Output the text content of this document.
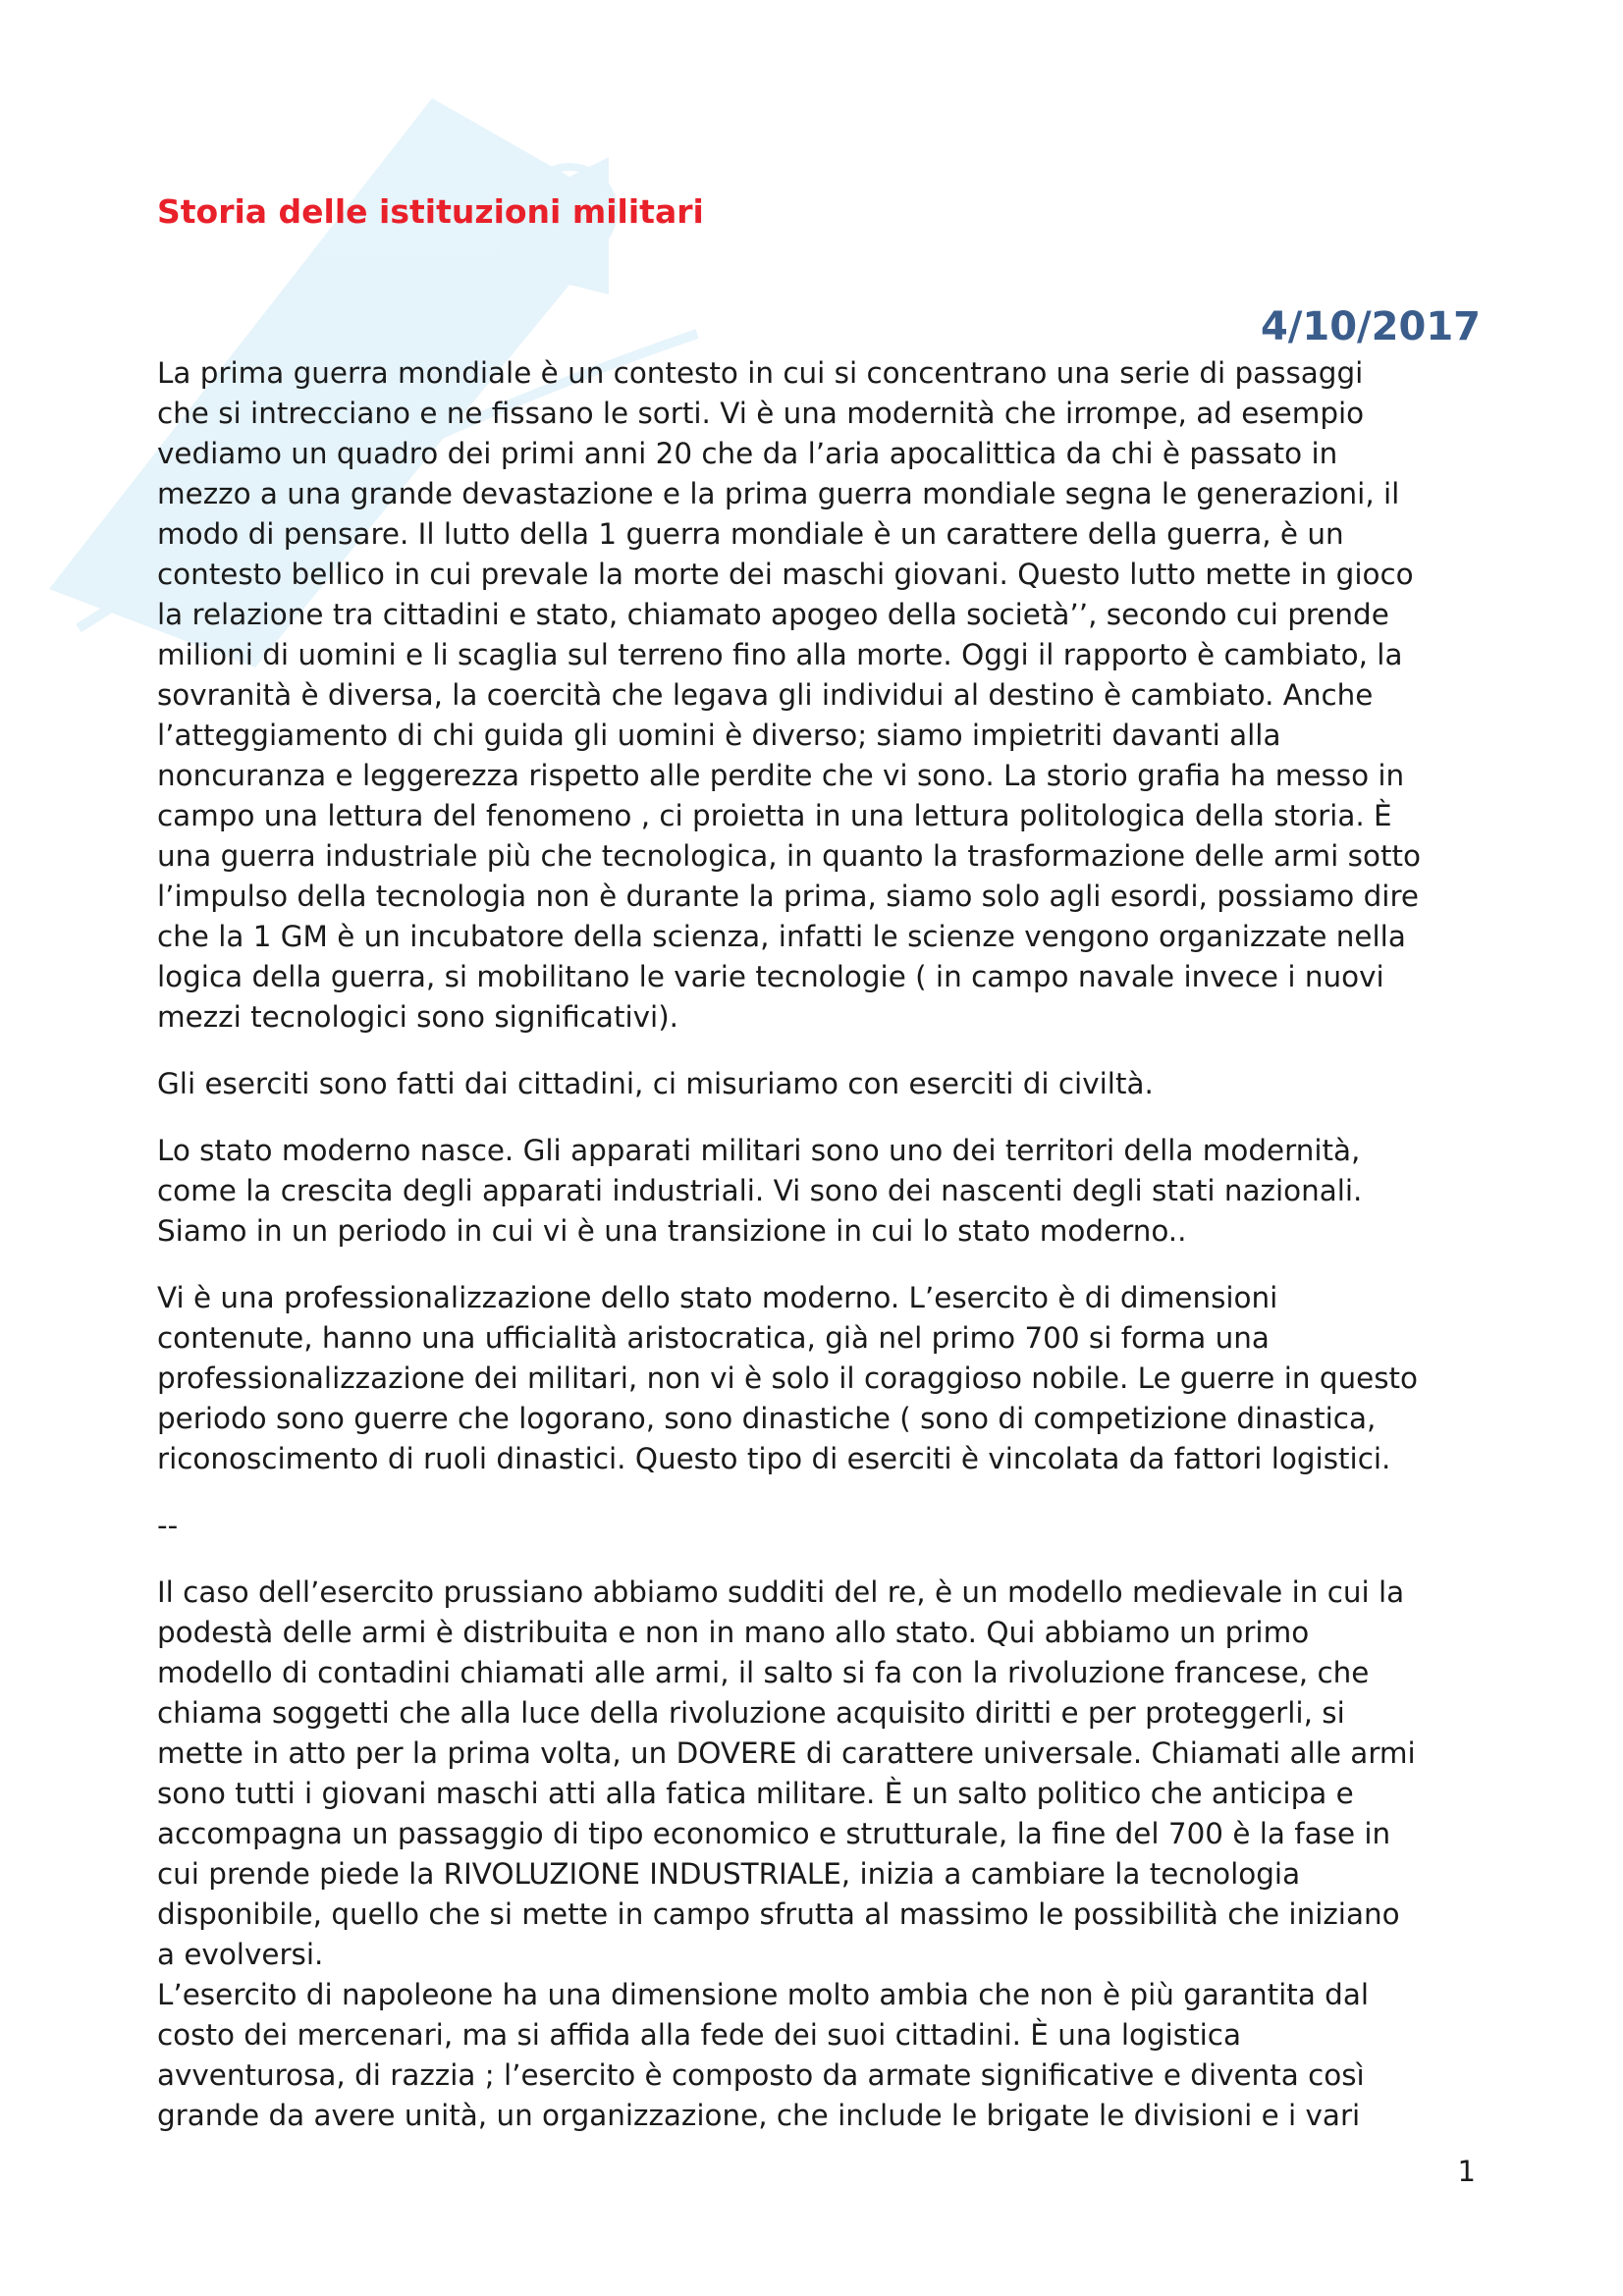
Storia delle istituzioni militari
4/10/2017

La prima guerra mondiale è un contesto in cui si concentrano una serie di passaggi
che si intrecciano e ne fissano le sorti. Vi è una modernità che irrompe, ad esempio
vediamo un quadro dei primi anni 20 che da l’aria apocalittica da chi è passato in
mezzo a una grande devastazione e la prima guerra mondiale segna le generazioni, il
modo di pensare. Il lutto della 1 guerra mondiale è un carattere della guerra, è un
contesto bellico in cui prevale la morte dei maschi giovani. Questo lutto mette in gioco
la relazione tra cittadini e stato, chiamato apogeo della società’’, secondo cui prende
milioni di uomini e li scaglia sul terreno fino alla morte. Oggi il rapporto è cambiato, la
sovranità è diversa, la coercità che legava gli individui al destino è cambiato. Anche
l’atteggiamento di chi guida gli uomini è diverso; siamo impietriti davanti alla
noncuranza e leggerezza rispetto alle perdite che vi sono. La storio grafia ha messo in
campo una lettura del fenomeno , ci proietta in una lettura politologica della storia. È
una guerra industriale più che tecnologica, in quanto la trasformazione delle armi sotto
l’impulso della tecnologia non è durante la prima, siamo solo agli esordi, possiamo dire
che la 1 GM è un incubatore della scienza, infatti le scienze vengono organizzate nella
logica della guerra, si mobilitano le varie tecnologie ( in campo navale invece i nuovi
mezzi tecnologici sono significativi).

Gli eserciti sono fatti dai cittadini, ci misuriamo con eserciti di civiltà.

Lo stato moderno nasce. Gli apparati militari sono uno dei territori della modernità,
come la crescita degli apparati industriali. Vi sono dei nascenti degli stati nazionali.
Siamo in un periodo in cui vi è una transizione in cui lo stato moderno..

Vi è una professionalizzazione dello stato moderno. L’esercito è di dimensioni
contenute, hanno una ufficialità aristocratica, già nel primo 700 si forma una
professionalizzazione dei militari, non vi è solo il coraggioso nobile. Le guerre in questo
periodo sono guerre che logorano, sono dinastiche ( sono di competizione dinastica,
riconoscimento di ruoli dinastici. Questo tipo di eserciti è vincolata da fattori logistici.

--

Il caso dell’esercito prussiano abbiamo sudditi del re, è un modello medievale in cui la
podestà delle armi è distribuita e non in mano allo stato. Qui abbiamo un primo
modello di contadini chiamati alle armi, il salto si fa con la rivoluzione francese, che
chiama soggetti che alla luce della rivoluzione acquisito diritti e per proteggerli, si
mette in atto per la prima volta, un DOVERE di carattere universale. Chiamati alle armi
sono tutti i giovani maschi atti alla fatica militare. È un salto politico che anticipa e
accompagna un passaggio di tipo economico e strutturale, la fine del 700 è la fase in
cui prende piede la RIVOLUZIONE INDUSTRIALE, inizia a cambiare la tecnologia
disponibile, quello che si mette in campo sfrutta al massimo le possibilità che iniziano
a evolversi.

L’esercito di napoleone ha una dimensione molto ambia che non è più garantita dal
costo dei mercenari, ma si affida alla fede dei suoi cittadini. È una logistica
avventurosa, di razzia ; l’esercito è composto da armate significative e diventa così
grande da avere unità, un organizzazione, che include le brigate le divisioni e i vari

1
